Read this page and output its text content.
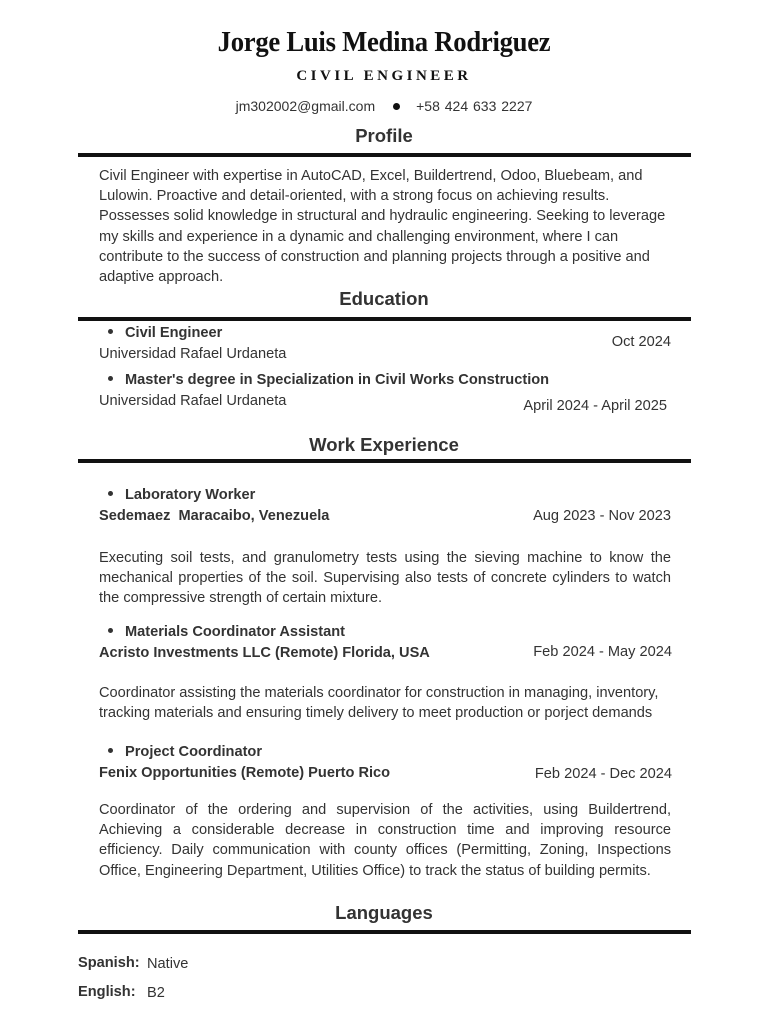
Jorge Luis Medina Rodriguez
CIVIL ENGINEER
jm302002@gmail.com	+58 424 633 2227
Profile
Civil Engineer with expertise in AutoCAD, Excel, Buildertrend, Odoo, Bluebeam, and Lulowin. Proactive and detail-oriented, with a strong focus on achieving results. Possesses solid knowledge in structural and hydraulic engineering. Seeking to leverage my skills and experience in a dynamic and challenging environment, where I can contribute to the success of construction and planning projects through a positive and adaptive approach.
Education
Civil Engineer
Universidad Rafael Urdaneta
Oct 2024
Master's degree in Specialization in Civil Works Construction
Universidad Rafael Urdaneta	April 2024 - April 2025
Work Experience
Laboratory Worker
Sedemaez  Maracaibo, Venezuela	Aug 2023 - Nov 2023
Executing soil tests, and granulometry tests using the sieving machine to know the mechanical properties of the soil. Supervising also tests of concrete cylinders to watch the compressive strength of certain mixture.
Materials Coordinator Assistant
Acristo Investments LLC (Remote) Florida, USA	Feb 2024 - May 2024
Coordinator assisting the materials coordinator for construction in managing, inventory, tracking materials and ensuring timely delivery to meet production or porject demands
Project Coordinator
Fenix Opportunities (Remote) Puerto Rico	Feb 2024 - Dec 2024
Coordinator of the ordering and supervision of the activities, using Buildertrend, Achieving a considerable decrease in construction time and improving resource efficiency. Daily communication with county offices (Permitting, Zoning, Inspections Office, Engineering Department, Utilities Office) to track the status of building permits.
Languages
Spanish: Native
English: B2
